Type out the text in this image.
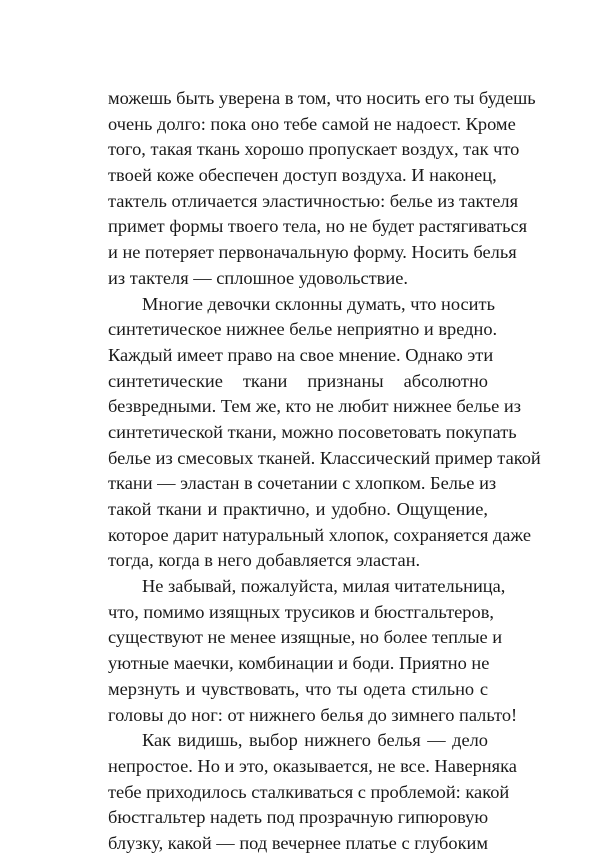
можешь быть уверена в том, что носить его ты будешь
очень долго: пока оно тебе самой не надоест. Кроме
того, такая ткань хорошо пропускает воздух, так что
твоей коже обеспечен доступ воздуха. И наконец,
тактель отличается эластичностью: белье из тактеля
примет формы твоего тела, но не будет растягиваться
и не потеряет первоначальную форму. Носить белья
из тактеля — сплошное удовольствие.
Многие девочки склонны думать, что носить
синтетическое нижнее белье неприятно и вредно.
Каждый имеет право на свое мнение. Однако эти
синтетические ткани признаны абсолютно
безвредными. Тем же, кто не любит нижнее белье из
синтетической ткани, можно посоветовать покупать
белье из смесовых тканей. Классический пример такой
ткани — эластан в сочетании с хлопком. Белье из
такой ткани и практично, и удобно. Ощущение,
которое дарит натуральный хлопок, сохраняется даже
тогда, когда в него добавляется эластан.
Не забывай, пожалуйста, милая читательница,
что, помимо изящных трусиков и бюстгальтеров,
существуют не менее изящные, но более теплые и
уютные маечки, комбинации и боди. Приятно не
мерзнуть и чувствовать, что ты одета стильно с
головы до ног: от нижнего белья до зимнего пальто!
Как видишь, выбор нижнего белья — дело
непростое. Но и это, оказывается, не все. Наверняка
тебе приходилось сталкиваться с проблемой: какой
бюстгальтер надеть под прозрачную гипюровую
блузку, какой — под вечернее платье с глубоким
